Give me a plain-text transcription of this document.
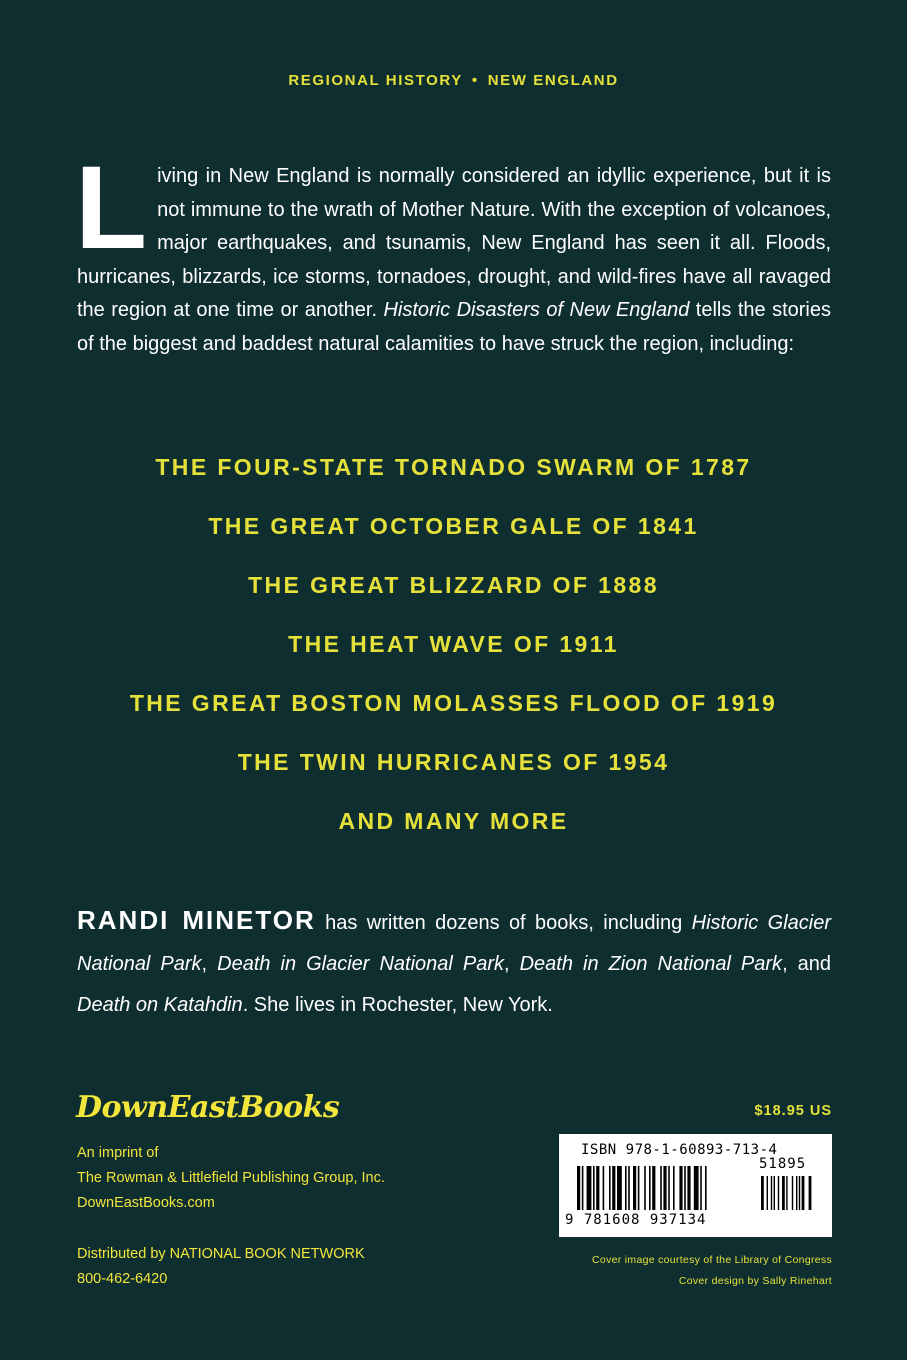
REGIONAL HISTORY • NEW ENGLAND
Living in New England is normally considered an idyllic experience, but it is not immune to the wrath of Mother Nature. With the exception of volcanoes, major earthquakes, and tsunamis, New England has seen it all. Floods, hurricanes, blizzards, ice storms, tornadoes, drought, and wild-fires have all ravaged the region at one time or another. Historic Disasters of New England tells the stories of the biggest and baddest natural calamities to have struck the region, including:
THE FOUR-STATE TORNADO SWARM OF 1787
THE GREAT OCTOBER GALE OF 1841
THE GREAT BLIZZARD OF 1888
THE HEAT WAVE OF 1911
THE GREAT BOSTON MOLASSES FLOOD OF 1919
THE TWIN HURRICANES OF 1954
AND MANY MORE
RANDI MINETOR has written dozens of books, including Historic Glacier National Park, Death in Glacier National Park, Death in Zion National Park, and Death on Katahdin. She lives in Rochester, New York.
DownEastBooks
An imprint of
The Rowman & Littlefield Publishing Group, Inc.
DownEastBooks.com
Distributed by NATIONAL BOOK NETWORK
800-462-6420
$18.95 US
ISBN 978-1-60893-713-4
51895
9 781608 937134
Cover image courtesy of the Library of Congress
Cover design by Sally Rinehart
